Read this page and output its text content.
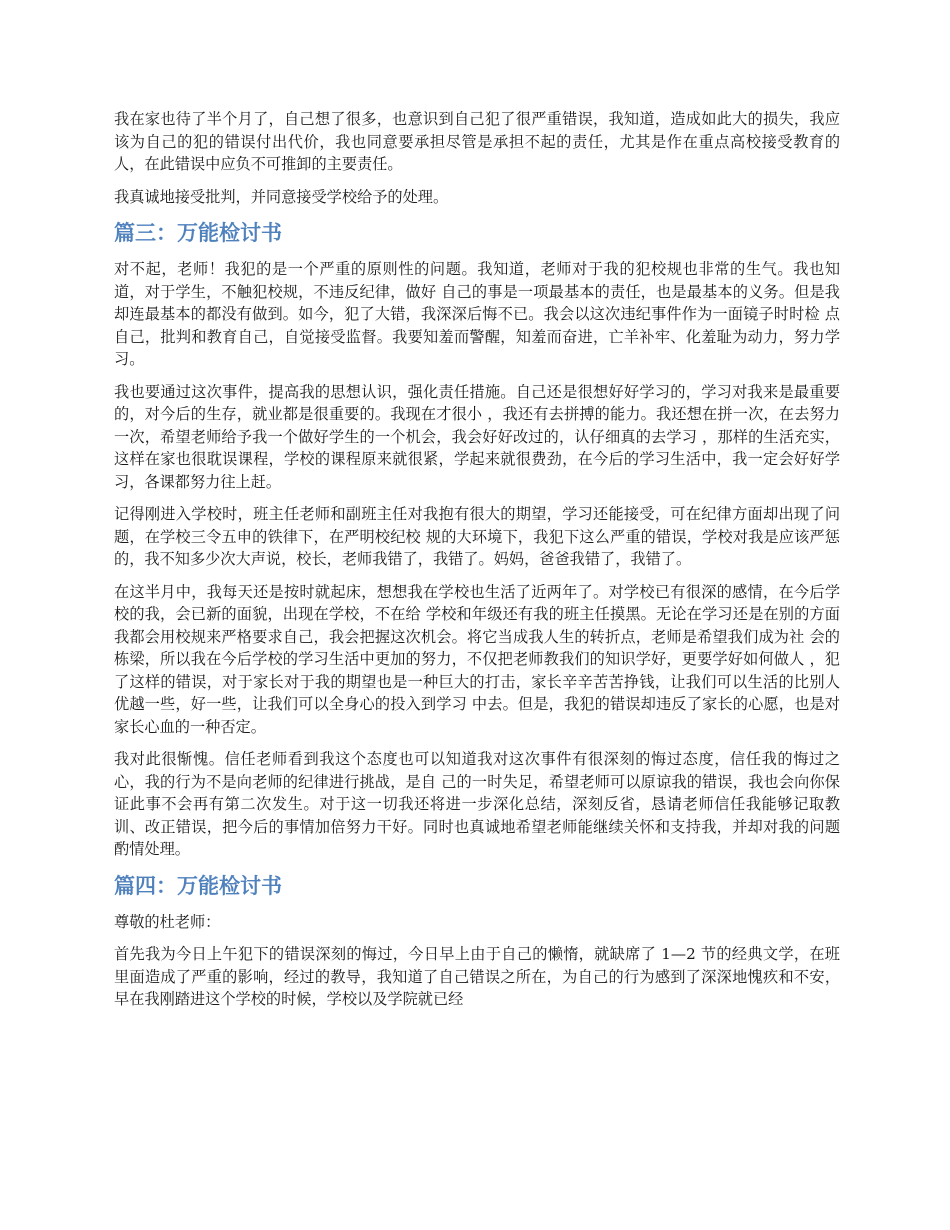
我在家也待了半个月了，自己想了很多，也意识到自己犯了很严重错误，我知道，造成如此大的损失，我应该为自己的犯的错误付出代价，我也同意要承担尽管是承担不起的责任，尤其是作在重点高校接受教育的人，在此错误中应负不可推卸的主要责任。

我真诚地接受批判，并同意接受学校给予的处理。

篇三：万能检讨书

对不起，老师！我犯的是一个严重的原则性的问题。我知道，老师对于我的犯校规也非常的生气。我也知道，对于学生，不触犯校规，不违反纪律，做好 自己的事是一项最基本的责任，也是最基本的义务。但是我却连最基本的都没有做到。如今，犯了大错，我深深后悔不已。我会以这次违纪事件作为一面镜子时时检 点自己，批判和教育自己，自觉接受监督。我要知羞而警醒，知羞而奋进，亡羊补牢、化羞耻为动力，努力学习。

我也要通过这次事件，提高我的思想认识，强化责任措施。自己还是很想好好学习的，学习对我来是最重要的，对今后的生存，就业都是很重要的。我现在才很小 ，我还有去拼搏的能力。我还想在拼一次，在去努力一次，希望老师给予我一个做好学生的一个机会，我会好好改过的，认仔细真的去学习 ，那样的生活充实，这样在家也很耽误课程，学校的课程原来就很紧，学起来就很费劲，在今后的学习生活中，我一定会好好学习，各课都努力往上赶。

记得刚进入学校时，班主任老师和副班主任对我抱有很大的期望，学习还能接受，可在纪律方面却出现了问题，在学校三令五申的铁律下，在严明校纪校 规的大环境下，我犯下这么严重的错误，学校对我是应该严惩的，我不知多少次大声说，校长，老师我错了，我错了。妈妈，爸爸我错了，我错了。

在这半月中，我每天还是按时就起床，想想我在学校也生活了近两年了。对学校已有很深的感情，在今后学校的我，会已新的面貌，出现在学校，不在给 学校和年级还有我的班主任摸黑。无论在学习还是在别的方面我都会用校规来严格要求自己，我会把握这次机会。将它当成我人生的转折点，老师是希望我们成为社 会的栋梁，所以我在今后学校的学习生活中更加的努力，不仅把老师教我们的知识学好，更要学好如何做人 ，犯了这样的错误，对于家长对于我的期望也是一种巨大的打击，家长辛辛苦苦挣钱，让我们可以生活的比别人优越一些，好一些，让我们可以全身心的投入到学习 中去。但是，我犯的错误却违反了家长的心愿，也是对家长心血的一种否定。

我对此很惭愧。信任老师看到我这个态度也可以知道我对这次事件有很深刻的悔过态度，信任我的悔过之心，我的行为不是向老师的纪律进行挑战，是自 己的一时失足，希望老师可以原谅我的错误，我也会向你保证此事不会再有第二次发生。对于这一切我还将进一步深化总结，深刻反省，恳请老师信任我能够记取教 训、改正错误，把今后的事情加倍努力干好。同时也真诚地希望老师能继续关怀和支持我，并却对我的问题酌情处理。

篇四：万能检讨书

尊敬的杜老师：

首先我为今日上午犯下的错误深刻的悔过，今日早上由于自己的懒惰，就缺席了 1—2 节的经典文学，在班里面造成了严重的影响，经过的教导，我知道了自己错误之所在，为自己的行为感到了深深地愧疚和不安，早在我刚踏进这个学校的时候，学校以及学院就已经
